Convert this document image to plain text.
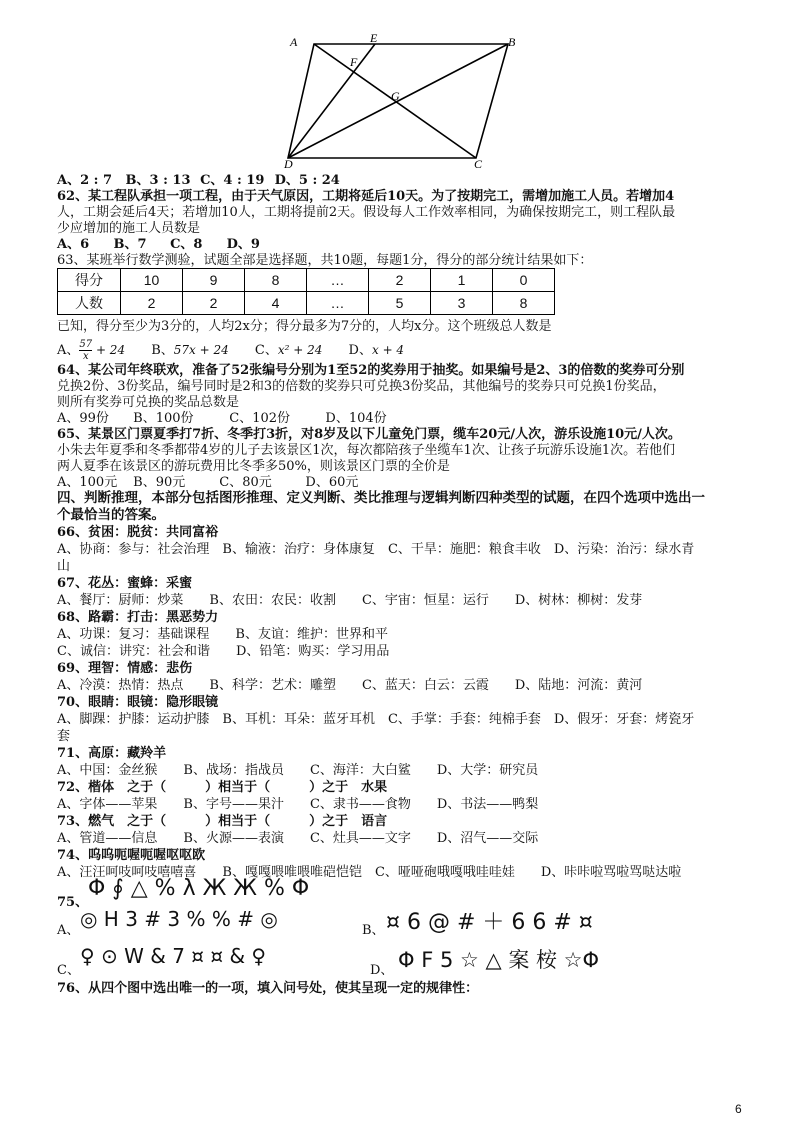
A	E	B
F
G
D	C
A、2 : 7 B、3 : 13 C、4 : 19 D、5 : 24
62、某工程队承担一项工程，由于天气原因，工期将延后10天。为了按期完工，需增加施工人员。若增加4
人，工期会延后4天；若增加10人，工期将提前2天。假设每人工作效率相同，为确保按期完工，则工程队最
少应增加的施工人员数是
A、6 B、7 C、8 D、9
63、某班举行数学测验，试题全部是选择题，共10题，每题1分，得分的部分统计结果如下：
得分	10	9	8	…	2	1	0
人数	2	2	4	…	5	3	8
已知，得分至少为3分的，人均2x分；得分最多为7分的，人均x分。这个班级总人数是
A、 $\frac{57}{x} + 24$ B、57x + 24 C、x² + 24 D、x + 4
64、某公司年终联欢，准备了52张编号分别为1至52的奖券用于抽奖。如果编号是2、3的倍数的奖券可分别
兑换2份、3份奖品，编号同时是2和3的倍数的奖券只可兑换3份奖品，其他编号的奖券只可兑换1份奖品，
则所有奖券可兑换的奖品总数是
A、99份 B、100份	C、102份	D、104份
65、某景区门票夏季打7折、冬季打3折，对8岁及以下儿童免门票，缆车20元/人次，游乐设施10元/人次。
小朱去年夏季和冬季都带4岁的儿子去该景区1次，每次都陪孩子坐缆车1次、让孩子玩游乐设施1次。若他们
两人夏季在该景区的游玩费用比冬季多50%，则该景区门票的全价是
A、100元 B、90元	C、80元	D、60元
四、判断推理，本部分包括图形推理、定义判断、类比推理与逻辑判断四种类型的试题，在四个选项中选出一
个最恰当的答案。
66、贫困：脱贫：共同富裕
A、协商：参与：社会治理　B、输液：治疗：身体康复　C、干旱：施肥：粮食丰收　D、污染：治污：绿水青
山
67、花丛：蜜蜂：采蜜
A、餐厅：厨师：炒菜　　B、农田：农民：收割　　C、宇宙：恒星：运行　　D、树林：柳树：发芽
68、路霸：打击：黑恶势力
A、功课：复习：基础课程　　B、友谊：维护：世界和平
C、诚信：讲究：社会和谐　　D、铅笔：购买：学习用品
69、理智：情感：悲伤
A、冷漠：热情：热点　　B、科学：艺术：雕塑　　C、蓝天：白云：云霞　　D、陆地：河流：黄河
70、眼睛：眼镜：隐形眼镜
A、脚踝：护膝：运动护膝　B、耳机：耳朵：蓝牙耳机　C、手掌：手套：纯棉手套　D、假牙：牙套：烤瓷牙
套
71、高原：藏羚羊
A、中国：金丝猴　　B、战场：指战员　　C、海洋：大白鲨　　D、大学：研究员
72、楷体　之于（　　　）相当于（　　　）之于　水果
A、字体——苹果　　B、字号——果汁　　C、隶书——食物　　D、书法——鸭梨
73、燃气　之于（　　　）相当于（　　　）之于　语言
A、管道——信息　　B、火源——表演　　C、灶具——文字　　D、沼气——交际
74、呜呜呃喔呃喔呕呕欧
A、汪汪呵吱呵吱嘻嘻喜　　B、嘎嘎喂唯喂唯硙恺铠　C、哑哑砲哦嘎哦哇哇娃　　D、咔咔啦骂啦骂哒达啦
Φ ∮ △ % λ Ж Ж % Φ
75、
A、 ◎ H 3 # 3 % % # ◎	B、 ¤ 6 @ # ＋ 6 6 # ¤
C、
♀ ⊙ W & 7 ¤ ¤ & ♀
D、 Φ F 5 ☆ △ 案 桉 ☆Φ
76、从四个图中选出唯一的一项，填入问号处，使其呈现一定的规律性：
6
